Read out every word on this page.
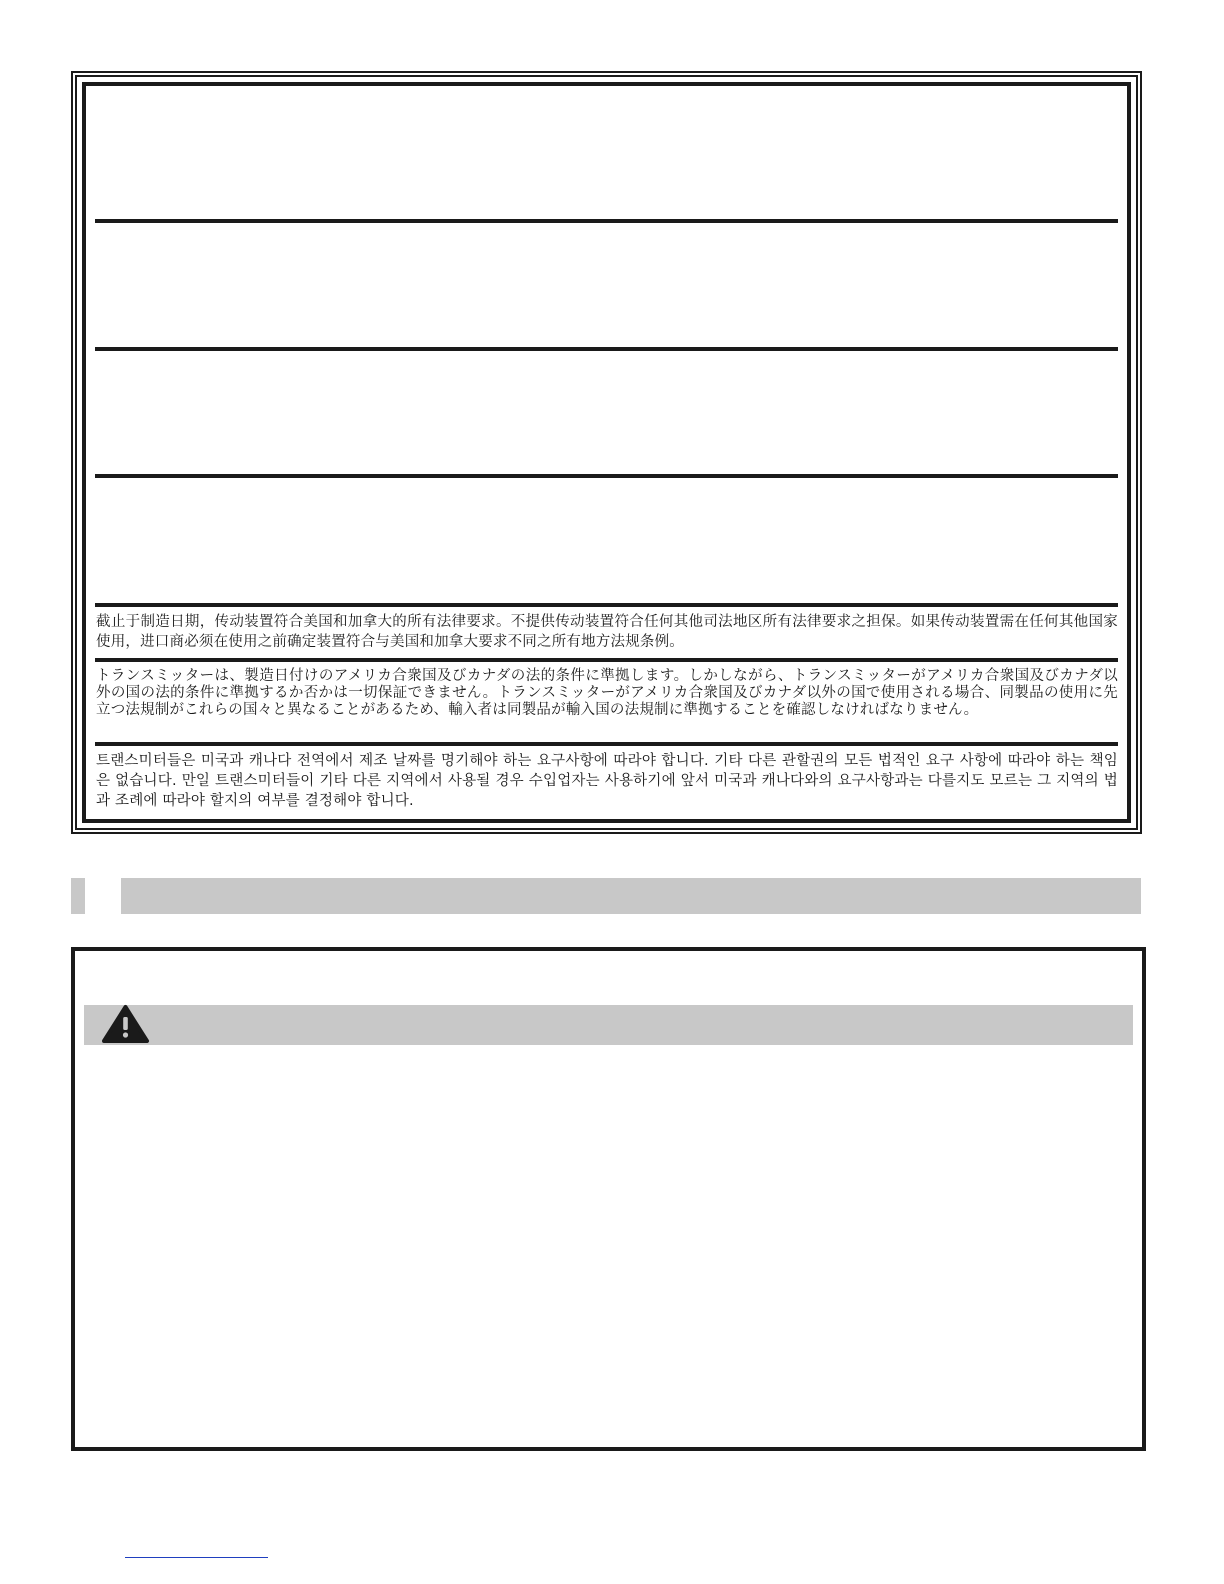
截止于制造日期，传动装置符合美国和加拿大的所有法律要求。不提供传动装置符合任何其他司法地区所有法律要求之担保。如果传动装置需在任何其他国家使用，进口商必须在使用之前确定装置符合与美国和加拿大要求不同之所有地方法规条例。

トランスミッターは、製造日付けのアメリカ合衆国及びカナダの法的条件に準拠します。しかしながら、トランスミッターがアメリカ合衆国及びカナダ以外の国の法的条件に準拠するか否かは一切保証できません。トランスミッターがアメリカ合衆国及びカナダ以外の国で使用される場合、同製品の使用に先立つ法規制がこれらの国々と異なることがあるため、輸入者は同製品が輸入国の法規制に準拠することを確認しなければなりません。

트랜스미터들은 미국과 캐나다 전역에서 제조 날짜를 명기해야 하는 요구사항에 따라야 합니다. 기타 다른 관할권의 모든 법적인 요구 사항에 따라야 하는 책임은 없습니다. 만일 트랜스미터들이 기타 다른 지역에서 사용될 경우 수입업자는 사용하기에 앞서 미국과 캐나다와의 요구사항과는 다를지도 모르는 그 지역의 법과 조례에 따라야 할지의 여부를 결정해야 합니다.
